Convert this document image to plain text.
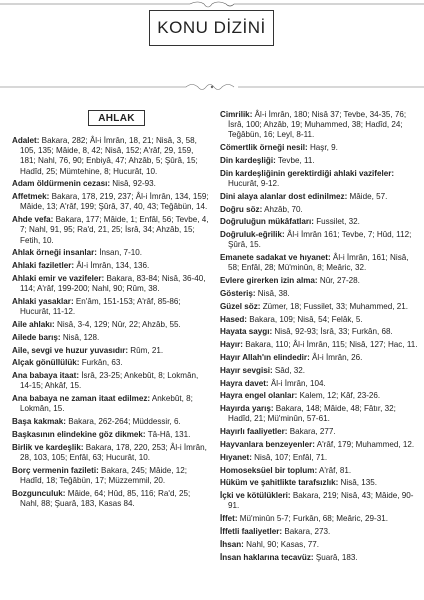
KONU DİZİNİ
AHLAK

Adalet: Bakara, 282; Âl-i İmrân, 18, 21; Nisâ, 3, 58, 105, 135; Mâide, 8, 42; Nisâ, 152; A'râf, 29, 159, 181; Nahl, 76, 90; Enbiyâ, 47; Ahzâb, 5; Şûrâ, 15; Hadîd, 25; Mümtehine, 8; Hucurât, 10.

Adam öldürmenin cezası: Nisâ, 92-93.

Affetmek: Bakara, 178, 219, 237; Âl-i İmrân, 134, 159; Mâide, 13; A'râf, 199; Şûrâ, 37, 40, 43; Teğâbün, 14.

Ahde vefa: Bakara, 177; Mâide, 1; Enfâl, 56; Tevbe, 4, 7; Nahl, 91, 95; Ra'd, 21, 25; İsrâ, 34; Ahzâb, 15; Fetih, 10.

Ahlak örneği insanlar: İnsan, 7-10.

Ahlaki faziletler: Âl-i İmrân, 134, 136.

Ahlaki emir ve vazifeler: Bakara, 83-84; Nisâ, 36-40, 114; A'râf, 199-200; Nahl, 90; Rûm, 38.

Ahlaki yasaklar: En'âm, 151-153; A'râf, 85-86; Hucurât, 11-12.

Aile ahlakı: Nisâ, 3-4, 129; Nûr, 22; Ahzâb, 55.

Ailede barış: Nisâ, 128.

Aile, sevgi ve huzur yuvasıdır: Rûm, 21.

Alçak gönüllülük: Furkân, 63.

Ana babaya itaat: İsrâ, 23-25; Ankebût, 8; Lokmân, 14-15; Ahkâf, 15.

Ana babaya ne zaman itaat edilmez: Ankebût, 8; Lokmân, 15.

Başa kakmak: Bakara, 262-264; Müddessir, 6.

Başkasının elindekine göz dikmek: Tâ-Hâ, 131.

Birlik ve kardeşlik: Bakara, 178, 220, 253; Âl-i İmrân, 28, 103, 105; Enfâl, 63; Hucurât, 10.

Borç vermenin fazileti: Bakara, 245; Mâide, 12; Hadîd, 18; Teğâbün, 17; Müzzemmil, 20.

Bozgunculuk: Mâide, 64; Hûd, 85, 116; Ra'd, 25; Nahl, 88; Şuarâ, 183, Kasas 84.

Cimrilik: Âl-i İmrân, 180; Nisâ 37; Tevbe, 34-35, 76; İsrâ, 100; Ahzâb, 19; Muhammed, 38; Hadîd, 24; Teğâbün, 16; Leyl, 8-11.

Cömertlik örneği nesil: Haşr, 9.

Din kardeşliği: Tevbe, 11.

Din kardeşliğinin gerektirdiği ahlaki vazifeler: Hucurât, 9-12.

Dini alaya alanlar dost edinilmez: Mâide, 57.

Doğru söz: Ahzâb, 70.

Doğruluğun mükâfatları: Fussilet, 32.

Doğruluk-eğrilik: Âl-i İmrân 161; Tevbe, 7; Hûd, 112; Şûrâ, 15.

Emanete sadakat ve hıyanet: Âl-i İmrân, 161; Nisâ, 58; Enfâl, 28; Mü'minûn, 8; Meâric, 32.

Evlere girerken izin alma: Nûr, 27-28.

Gösteriş: Nisâ, 38.

Güzel söz: Zümer, 18; Fussilet, 33; Muhammed, 21.

Hased: Bakara, 109; Nisâ, 54; Felâk, 5.

Hayata saygı: Nisâ, 92-93; İsrâ, 33; Furkân, 68.

Hayır: Bakara, 110; Âl-i İmrân, 115; Nisâ, 127; Hac, 11.

Hayır Allah'ın elindedir: Âl-i İmrân, 26.

Hayır sevgisi: Sâd, 32.

Hayra davet: Âl-i İmrân, 104.

Hayra engel olanlar: Kalem, 12; Kâf, 23-26.

Hayırda yarış: Bakara, 148; Mâide, 48; Fâtır, 32; Hadîd, 21; Mü'minûn, 57-61.

Hayırlı faaliyetler: Bakara, 277.

Hayvanlara benzeyenler: A'râf, 179; Muhammed, 12.

Hıyanet: Nisâ, 107; Enfâl, 71.

Homoseksüel bir toplum: A'râf, 81.

Hüküm ve şahitlikte tarafsızlık: Nisâ, 135.

İçki ve kötülükleri: Bakara, 219; Nisâ, 43; Mâide, 90-91.

İffet: Mü'minûn 5-7; Furkân, 68; Meâric, 29-31.

İffetli faaliyetler: Bakara, 273.

İhsan: Nahl, 90; Kasas, 77.

İnsan haklarına tecavüz: Şuarâ, 183.
